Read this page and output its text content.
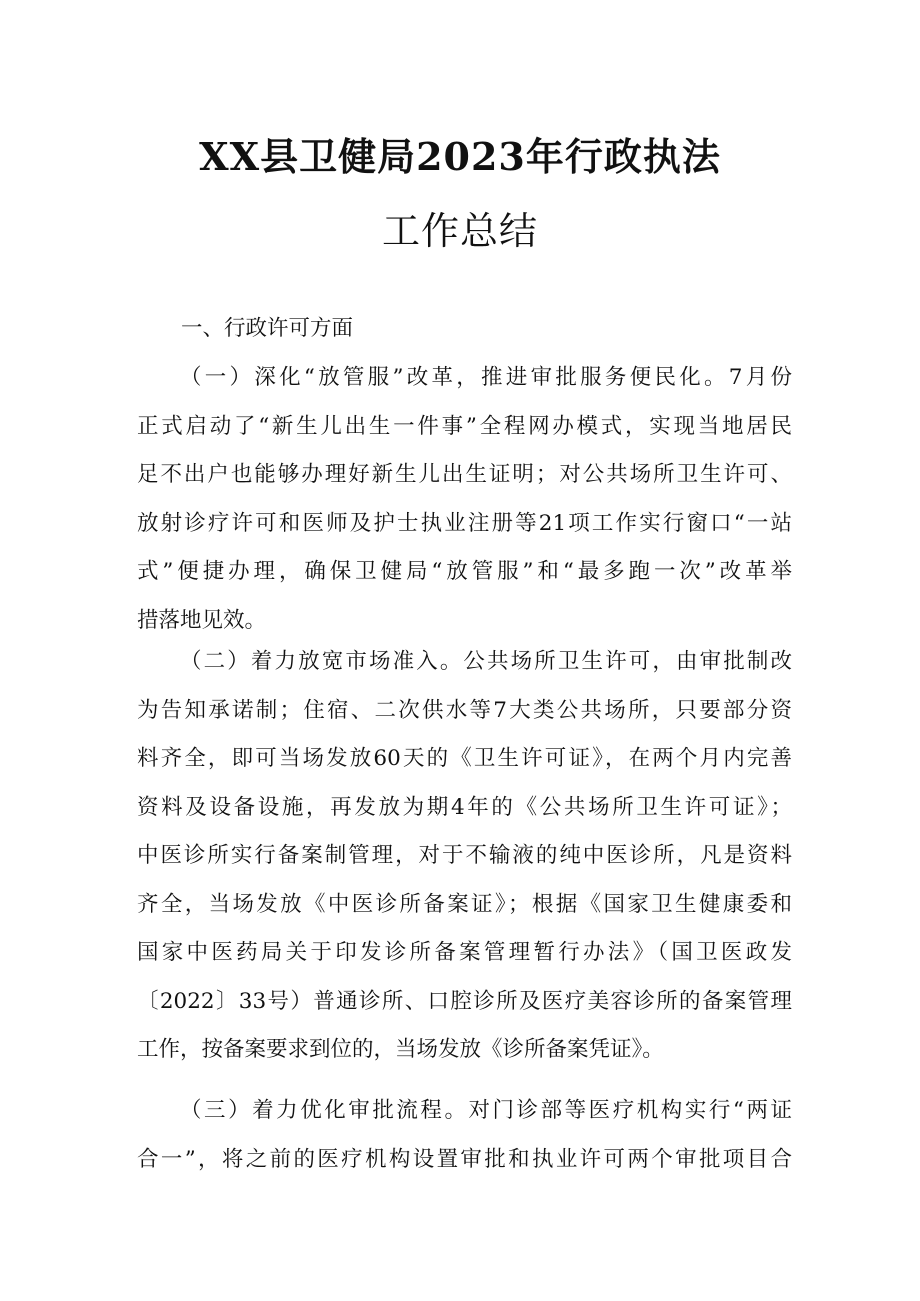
XX县卫健局2023年行政执法
工作总结
一、行政许可方面
（一）深化“放管服”改革，推进审批服务便民化。7月份
正式启动了“新生儿出生一件事”全程网办模式，实现当地居民
足不出户也能够办理好新生儿出生证明；对公共场所卫生许可、
放射诊疗许可和医师及护士执业注册等21项工作实行窗口“一站
式”便捷办理，确保卫健局“放管服”和“最多跑一次”改革举
措落地见效。
（二）着力放宽市场准入。公共场所卫生许可，由审批制改
为告知承诺制；住宿、二次供水等7大类公共场所，只要部分资
料齐全，即可当场发放60天的《卫生许可证》，在两个月内完善
资料及设备设施，再发放为期4年的《公共场所卫生许可证》；
中医诊所实行备案制管理，对于不输液的纯中医诊所，凡是资料
齐全，当场发放《中医诊所备案证》；根据《国家卫生健康委和
国家中医药局关于印发诊所备案管理暂行办法》（国卫医政发
〔2022〕33号）普通诊所、口腔诊所及医疗美容诊所的备案管理
工作，按备案要求到位的，当场发放《诊所备案凭证》。
（三）着力优化审批流程。对门诊部等医疗机构实行“两证
合一”，将之前的医疗机构设置审批和执业许可两个审批项目合
